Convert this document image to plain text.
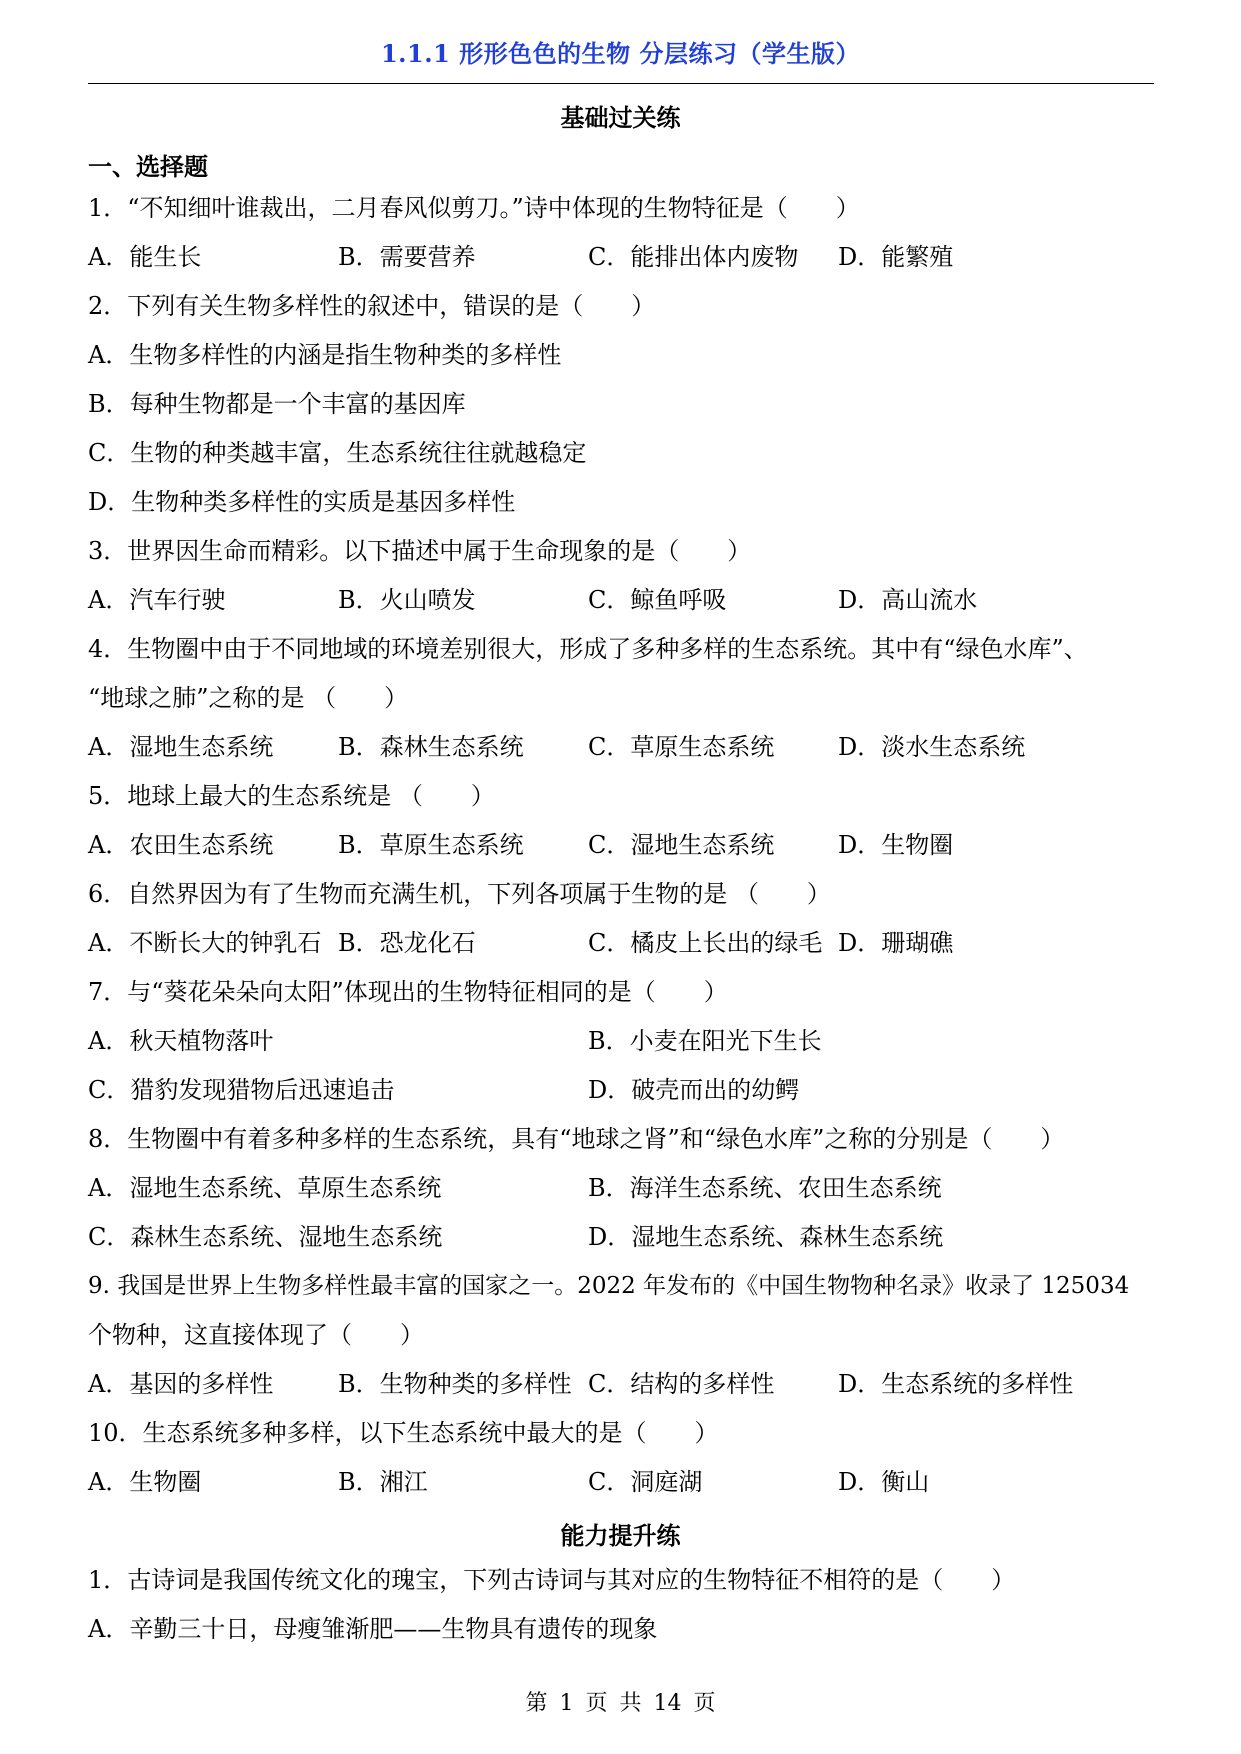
1.1.1 形形色色的生物 分层练习（学生版）
基础过关练
一、选择题
1．“不知细叶谁裁出，二月春风似剪刀。”诗中体现的生物特征是（　　）
A．能生长	B．需要营养	C．能排出体内废物 D．能繁殖
2．下列有关生物多样性的叙述中，错误的是（　　）
A．生物多样性的内涵是指生物种类的多样性
B．每种生物都是一个丰富的基因库
C．生物的种类越丰富，生态系统往往就越稳定
D．生物种类多样性的实质是基因多样性
3．世界因生命而精彩。以下描述中属于生命现象的是（　　）
A．汽车行驶	B．火山喷发	C．鲸鱼呼吸	D．高山流水
4．生物圈中由于不同地域的环境差别很大，形成了多种多样的生态系统。其中有“绿色水库”、
“地球之肺”之称的是 （　　）
A．湿地生态系统	B．森林生态系统	C．草原生态系统	D．淡水生态系统
5．地球上最大的生态系统是 （　　）
A．农田生态系统	B．草原生态系统	C．湿地生态系统	D．生物圈
6．自然界因为有了生物而充满生机，下列各项属于生物的是 （　　）
A．不断长大的钟乳石 B．恐龙化石	C．橘皮上长出的绿毛 D．珊瑚礁
7．与“葵花朵朵向太阳”体现出的生物特征相同的是（　　）
A．秋天植物落叶	B．小麦在阳光下生长
C．猎豹发现猎物后迅速追击	D．破壳而出的幼鳄
8．生物圈中有着多种多样的生态系统，具有“地球之肾”和“绿色水库”之称的分别是（　　）
A．湿地生态系统、草原生态系统	B．海洋生态系统、农田生态系统
C．森林生态系统、湿地生态系统	D．湿地生态系统、森林生态系统
9. 我国是世界上生物多样性最丰富的国家之一。2022 年发布的《中国生物物种名录》收录了 125034
个物种，这直接体现了（　　）
A．基因的多样性	B．生物种类的多样性 C．结构的多样性	D．生态系统的多样性
10．生态系统多种多样，以下生态系统中最大的是（　　）
A．生物圈	B．湘江	C．洞庭湖	D．衡山
能力提升练
1．古诗词是我国传统文化的瑰宝，下列古诗词与其对应的生物特征不相符的是（　　）
A．辛勤三十日，母瘦雏渐肥——生物具有遗传的现象
第 1 页 共 14 页
